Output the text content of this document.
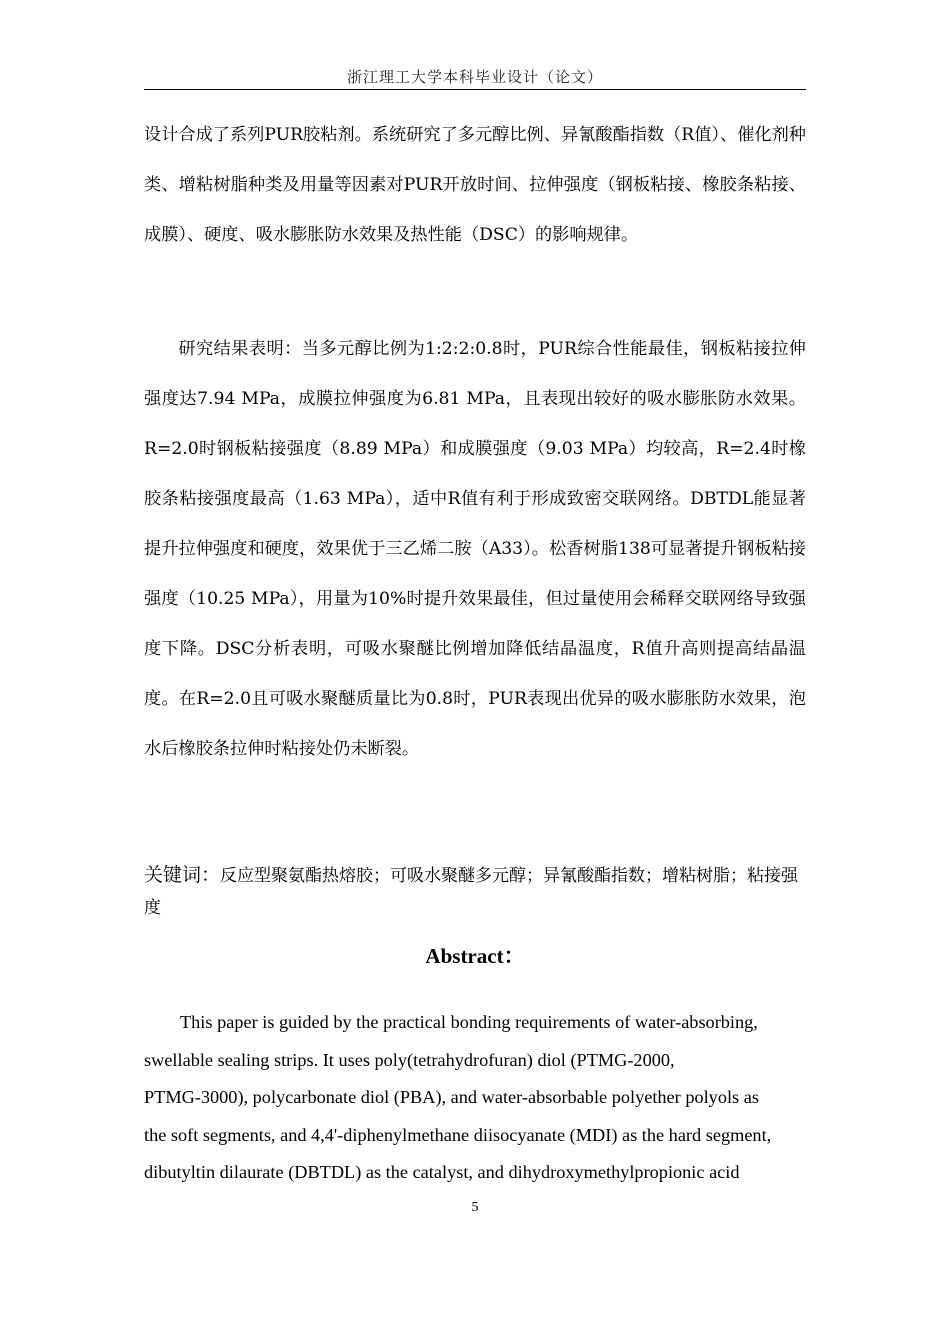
浙江理工大学本科毕业设计（论文）
设计合成了系列PUR胶粘剂。系统研究了多元醇比例、异氰酸酯指数（R值）、催化剂种类、增粘树脂种类及用量等因素对PUR开放时间、拉伸强度（钢板粘接、橡胶条粘接、成膜）、硬度、吸水膨胀防水效果及热性能（DSC）的影响规律。
研究结果表明：当多元醇比例为1:2:2:0.8时，PUR综合性能最佳，钢板粘接拉伸强度达7.94 MPa，成膜拉伸强度为6.81 MPa，且表现出较好的吸水膨胀防水效果。R=2.0时钢板粘接强度（8.89 MPa）和成膜强度（9.03 MPa）均较高，R=2.4时橡胶条粘接强度最高（1.63 MPa），适中R值有利于形成致密交联网络。DBTDL能显著提升拉伸强度和硬度，效果优于三乙烯二胺（A33）。松香树脂138可显著提升钢板粘接强度（10.25 MPa），用量为10%时提升效果最佳，但过量使用会稀释交联网络导致强度下降。DSC分析表明，可吸水聚醚比例增加降低结晶温度，R值升高则提高结晶温度。在R=2.0且可吸水聚醚质量比为0.8时，PUR表现出优异的吸水膨胀防水效果，泡水后橡胶条拉伸时粘接处仍未断裂。
关键词：反应型聚氨酯热熔胶；可吸水聚醚多元醇；异氰酸酯指数；增粘树脂；粘接强度
Abstract：
This paper is guided by the practical bonding requirements of water-absorbing,
swellable sealing strips. It uses poly(tetrahydrofuran) diol (PTMG-2000,
PTMG-3000), polycarbonate diol (PBA), and water-absorbable polyether polyols as
the soft segments, and 4,4'-diphenylmethane diisocyanate (MDI) as the hard segment,
dibutyltin dilaurate (DBTDL) as the catalyst, and dihydroxymethylpropionic acid
5
